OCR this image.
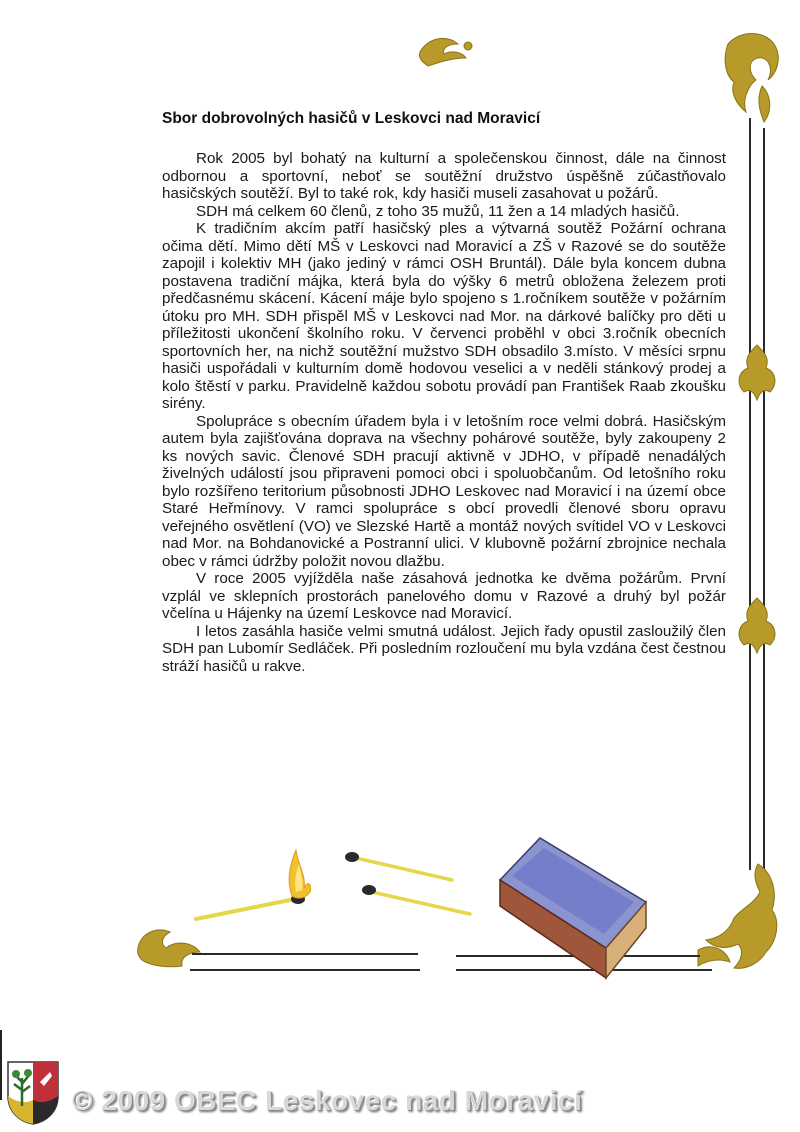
Sbor dobrovolných hasičů v Leskovci nad Moravicí

Rok 2005 byl bohatý na kulturní a společenskou činnost, dále na činnost odbornou a sportovní, neboť se soutěžní družstvo úspěšně zúčastňovalo hasičských soutěží. Byl to také rok, kdy hasiči museli zasahovat u požárů.

SDH má celkem 60 členů, z toho 35 mužů, 11 žen a 14 mladých hasičů.

K tradičním akcím patří hasičský ples a výtvarná soutěž Požární ochrana očima dětí. Mimo dětí MŠ v Leskovci nad Moravicí a ZŠ v Razové se do soutěže zapojil i kolektiv MH (jako jediný v rámci OSH Bruntál). Dále byla koncem dubna postavena tradiční májka, která byla do výšky 6 metrů obložena železem proti předčasnému skácení. Kácení máje bylo spojeno s 1.ročníkem soutěže v požárním útoku pro MH. SDH přispěl MŠ v Leskovci nad Mor. na dárkové balíčky pro děti u příležitosti ukončení školního roku. V červenci proběhl v obci 3.ročník obecních sportovních her, na nichž soutěžní mužstvo SDH obsadilo 3.místo. V měsíci srpnu hasiči uspořádali v kulturním domě hodovou veselici a v neděli stánkový prodej a kolo štěstí v parku. Pravidelně každou sobotu provádí pan František Raab zkoušku sirény.

Spolupráce s obecním úřadem byla i v letošním roce velmi dobrá. Hasičským autem byla zajišťována doprava na všechny pohárové soutěže, byly zakoupeny 2 ks nových savic. Členové SDH pracují aktivně v JDHO, v případě nenadálých živelných událostí jsou připraveni pomoci obci i spoluobčanům. Od letošního roku bylo rozšířeno teritorium působnosti JDHO Leskovec nad Moravicí i na území obce Staré Heřmínovy. V ramci spolupráce s obcí provedli členové sboru opravu veřejného osvětlení (VO) ve Slezské Hartě a montáž nových svítidel VO v Leskovci nad Mor. na Bohdanovické a Postranní ulici. V klubovně požární zbrojnice nechala obec v rámci údržby položit novou dlažbu.

V roce 2005 vyjížděla naše zásahová jednotka ke dvěma požárům. První vzplál ve sklepních prostorách panelového domu v Razové a druhý byl požár včelína u Hájenky na území Leskovce nad Moravicí.

I letos zasáhla hasiče velmi smutná událost. Jejich řady opustil zasloužilý člen SDH pan Lubomír Sedláček. Při posledním rozloučení mu byla vzdána čest čestnou stráží hasičů u rakve.

© 2009 OBEC Leskovec nad Moravicí
